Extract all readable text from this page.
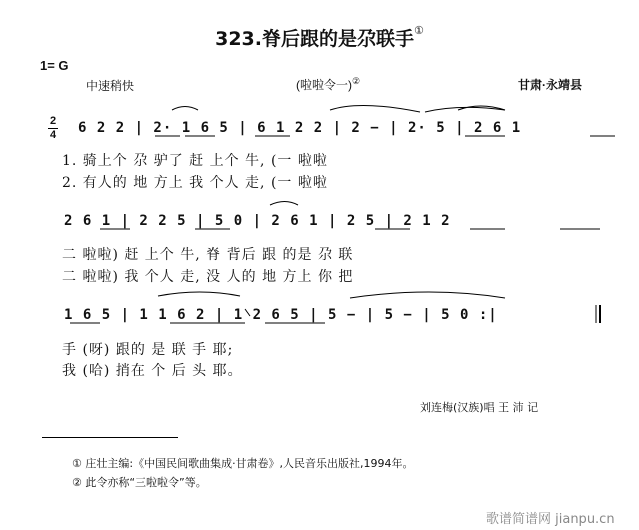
323.脊后跟的是尕联手①
1= G
中速稍快	(啦啦令一)②	甘肃·永靖县
2
4 6 2 2 | 2· 1 6 5 | 6 1 2 2 | 2 − | 2· 5 | 2 6 1
1. 骑上个 尕 驴了 赶 上个 牛, (一 啦啦
2. 有人的 地 方上 我 个人 走, (一 啦啦
2 6 1 | 2 2 5 | 5 0 | 2 6 1 | 2 5 | 2 1 2
二 啦啦) 赶 上个 牛, 脊 背后 跟 的是 尕 联
二 啦啦) 我 个人 走, 没 人的 地 方上 你 把
1 6 5 | 1 1 6 2 | 1 2 6 5 | 5 − | 5 − | 5 0 :|
手 (呀) 跟的 是 联 手 耶;
我 (哈) 捎在 个 后 头 耶。
刘连梅(汉族)唱 王 沛 记
① 庄壮主编:《中国民间歌曲集成·甘肃卷》,人民音乐出版社,1994年。
② 此令亦称“三啦啦令”等。
歌谱简谱网 jianpu.cn
